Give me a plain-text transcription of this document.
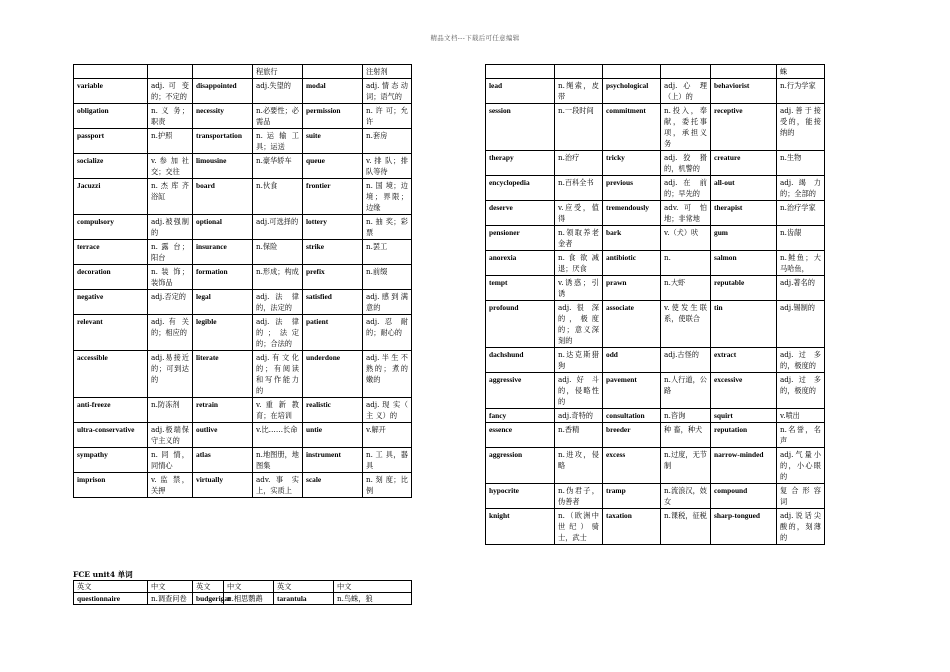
精品文档---下载后可任意编辑
			程旅行		注射剂
variable	adj. 可 变 的；不定的	disappointed	adj.失望的	modal	adj.情态动词；语气的
obligation	n. 义 务；职责	necessity	n.必要性；必需品	permission	n. 许 可；允许
passport	n.护照	transportation	n. 运 输 工具；运送	suite	n.套房
socialize	v. 参 加 社交；交往	limousine	n.豪华轿车	queue	v. 排 队；排队等待
Jacuzzi	n. 杰 库 齐浴缸	board	n.伙食	frontier	n. 国 境；边境；界限；边缘
compulsory	adj.被强制的	optional	adj.可选择的	lottery	n. 抽 奖；彩票
terrace	n. 露 台；阳台	insurance	n.保险	strike	n.罢工
decoration	n. 装 饰；装饰品	formation	n.形成；构成	prefix	n.前缀
negative	adj.否定的	legal	adj. 法 律的，法定的	satisfied	adj.感到满意的
relevant	adj. 有 关的；相应的	legible	adj. 法 律的；法定的；合法的	patient	adj. 忍 耐的；耐心的
accessible	adj.易接近的；可到达的	literate	adj.有文化的；有阅读和写作能力的	underdone	adj.半生不熟的；煮的嫩的
anti-freeze	n.防冻剂	retrain	v. 重 新 教育；在培训	realistic	adj. 现 实（ 主 义）的
ultra-conservative	adj.极端保守主义的	outlive	v.比……长命	untie	v.解开
sympathy	n. 同 情，同情心	atlas	n.地图册，地图集	instrument	n. 工 具，器具
imprison	v. 监 禁，关押	virtually	adv. 事 实上，实质上	scale	n. 刻 度；比例
FCE unit4 单词
英文	中文	英文	中文	英文	中文
questionnaire	n.调查问卷	budgerigar	n.相思鹦鹉	tarantula	n.鸟蛛，狼
					蛛
lead	n.绳索，皮带	psychological	adj. 心 理（上）的	behaviorist	n.行为学家
session	n.一段时间	commitment	n.投入，奉献，委托事项，承担义务	receptive	adj.善于接受的，能接纳的
therapy	n.治疗	tricky	adj. 狡 猾的，机警的	creature	n.生物
encyclopedia	n.百科全书	previous	adj. 在 前的；早先的	all-out	adj. 竭 力的；全部的
deserve	v.应受，值得	tremendously	adv. 可 怕地；非常地	therapist	n.治疗学家
pensioner	n.领取养老金者	bark	v.（犬）吠	gum	n.齿龈
anorexia	n. 食 欲 减退；厌食	antibiotic	n.	salmon	n.鲑鱼；大马哈鱼，
tempt	v.诱惑；引诱	prawn	n.大虾	reputable	adj.著名的
profound	adj. 很 深的，极度的；意义深刻的	associate	v.使发生联系，使联合	tin	adj.锡制的
dachshund	n.达克斯猎狗	odd	adj.古怪的	extract	adj. 过 多的，极度的
aggressive	adj. 好 斗的，侵略性的	pavement	n.人行道，公路	excessive	adj. 过 多的，极度的
fancy	adj.奇特的	consultation	n.咨询	squirt	v.喷出
essence	n.香精	breeder	种 畜，种犬	reputation	n.名誉，名声
aggression	n.进攻，侵略	excess	n.过度，无节制	narrow-minded	adj.气量小的，小心眼的
hypocrite	n.伪君子，伪善者	tramp	n.流浪汉，妓女	compound	复 合 形 容词
knight	n.（欧洲中世纪）骑士，武士	taxation	n.课税，征税	sharp-tongued	adj.说话尖酸的，刻薄的
